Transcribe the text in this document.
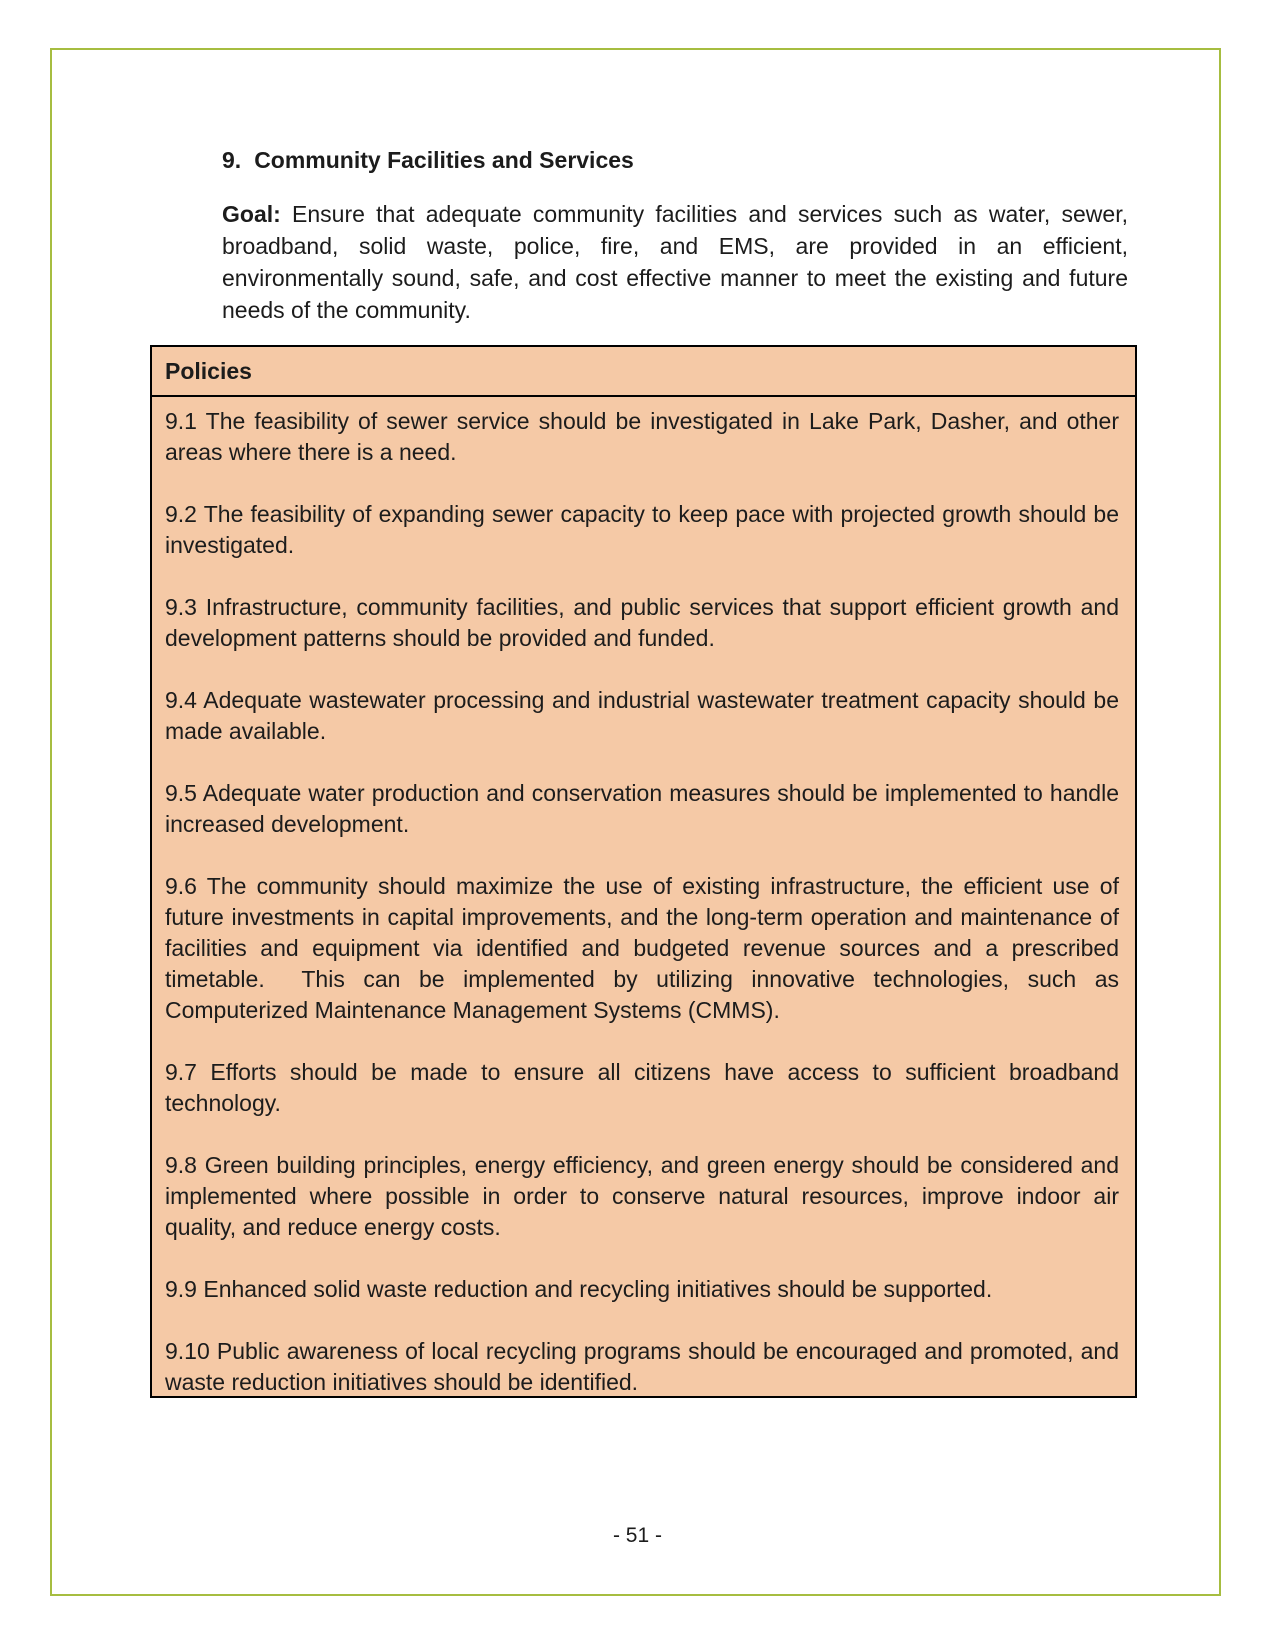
9. Community Facilities and Services

Goal: Ensure that adequate community facilities and services such as water, sewer, broadband, solid waste, police, fire, and EMS, are provided in an efficient, environmentally sound, safe, and cost effective manner to meet the existing and future needs of the community.

Policies

9.1 The feasibility of sewer service should be investigated in Lake Park, Dasher, and other areas where there is a need.

9.2 The feasibility of expanding sewer capacity to keep pace with projected growth should be investigated.

9.3 Infrastructure, community facilities, and public services that support efficient growth and development patterns should be provided and funded.

9.4 Adequate wastewater processing and industrial wastewater treatment capacity should be made available.

9.5 Adequate water production and conservation measures should be implemented to handle increased development.

9.6 The community should maximize the use of existing infrastructure, the efficient use of future investments in capital improvements, and the long-term operation and maintenance of facilities and equipment via identified and budgeted revenue sources and a prescribed timetable.  This can be implemented by utilizing innovative technologies, such as Computerized Maintenance Management Systems (CMMS).

9.7 Efforts should be made to ensure all citizens have access to sufficient broadband technology.

9.8 Green building principles, energy efficiency, and green energy should be considered and implemented where possible in order to conserve natural resources, improve indoor air quality, and reduce energy costs.

9.9 Enhanced solid waste reduction and recycling initiatives should be supported.

9.10 Public awareness of local recycling programs should be encouraged and promoted, and waste reduction initiatives should be identified.

- 51 -
